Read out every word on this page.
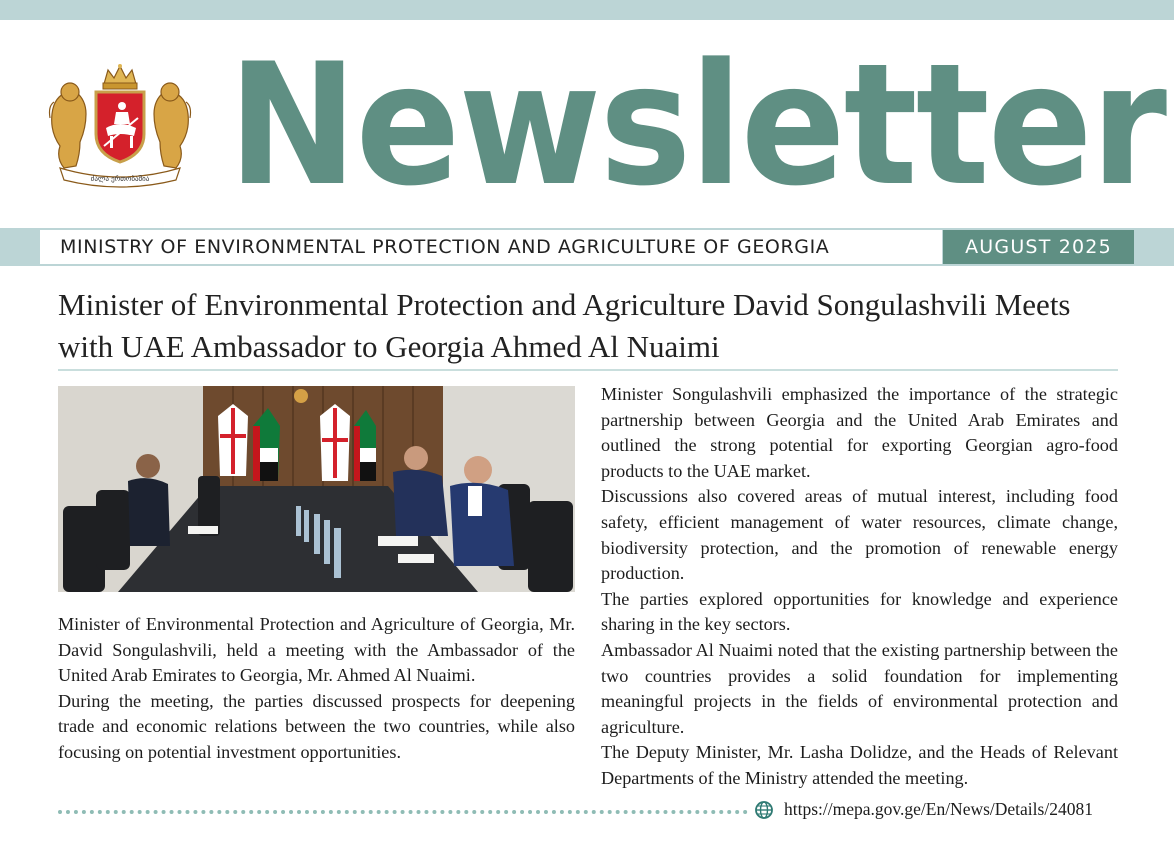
ძალა ერთობაშია Newsletter
MINISTRY OF ENVIRONMENTAL PROTECTION AND AGRICULTURE OF GEORGIA	AUGUST 2025
Minister of Environmental Protection and Agriculture David Songulashvili Meets with UAE Ambassador to Georgia Ahmed Al Nuaimi

Minister of Environmental Protection and Agriculture of Georgia, Mr. David Songulashvili, held a meeting with the Ambassador of the United Arab Emirates to Georgia, Mr. Ahmed Al Nuaimi.

During the meeting, the parties discussed prospects for deepening trade and economic relations between the two countries, while also focusing on potential investment opportunities.

Minister Songulashvili emphasized the importance of the strategic partnership between Georgia and the United Arab Emirates and outlined the strong potential for exporting Georgian agro-food products to the UAE market.

Discussions also covered areas of mutual interest, including food safety, efficient management of water resources, climate change, biodiversity protection, and the promotion of renewable energy production.

The parties explored opportunities for knowledge and experience sharing in the key sectors.

Ambassador Al Nuaimi noted that the existing partnership between the two countries provides a solid foundation for implementing meaningful projects in the fields of environmental protection and agriculture.

The Deputy Minister, Mr. Lasha Dolidze, and the Heads of Relevant Departments of the Ministry attended the meeting.

https://mepa.gov.ge/En/News/Details/24081
